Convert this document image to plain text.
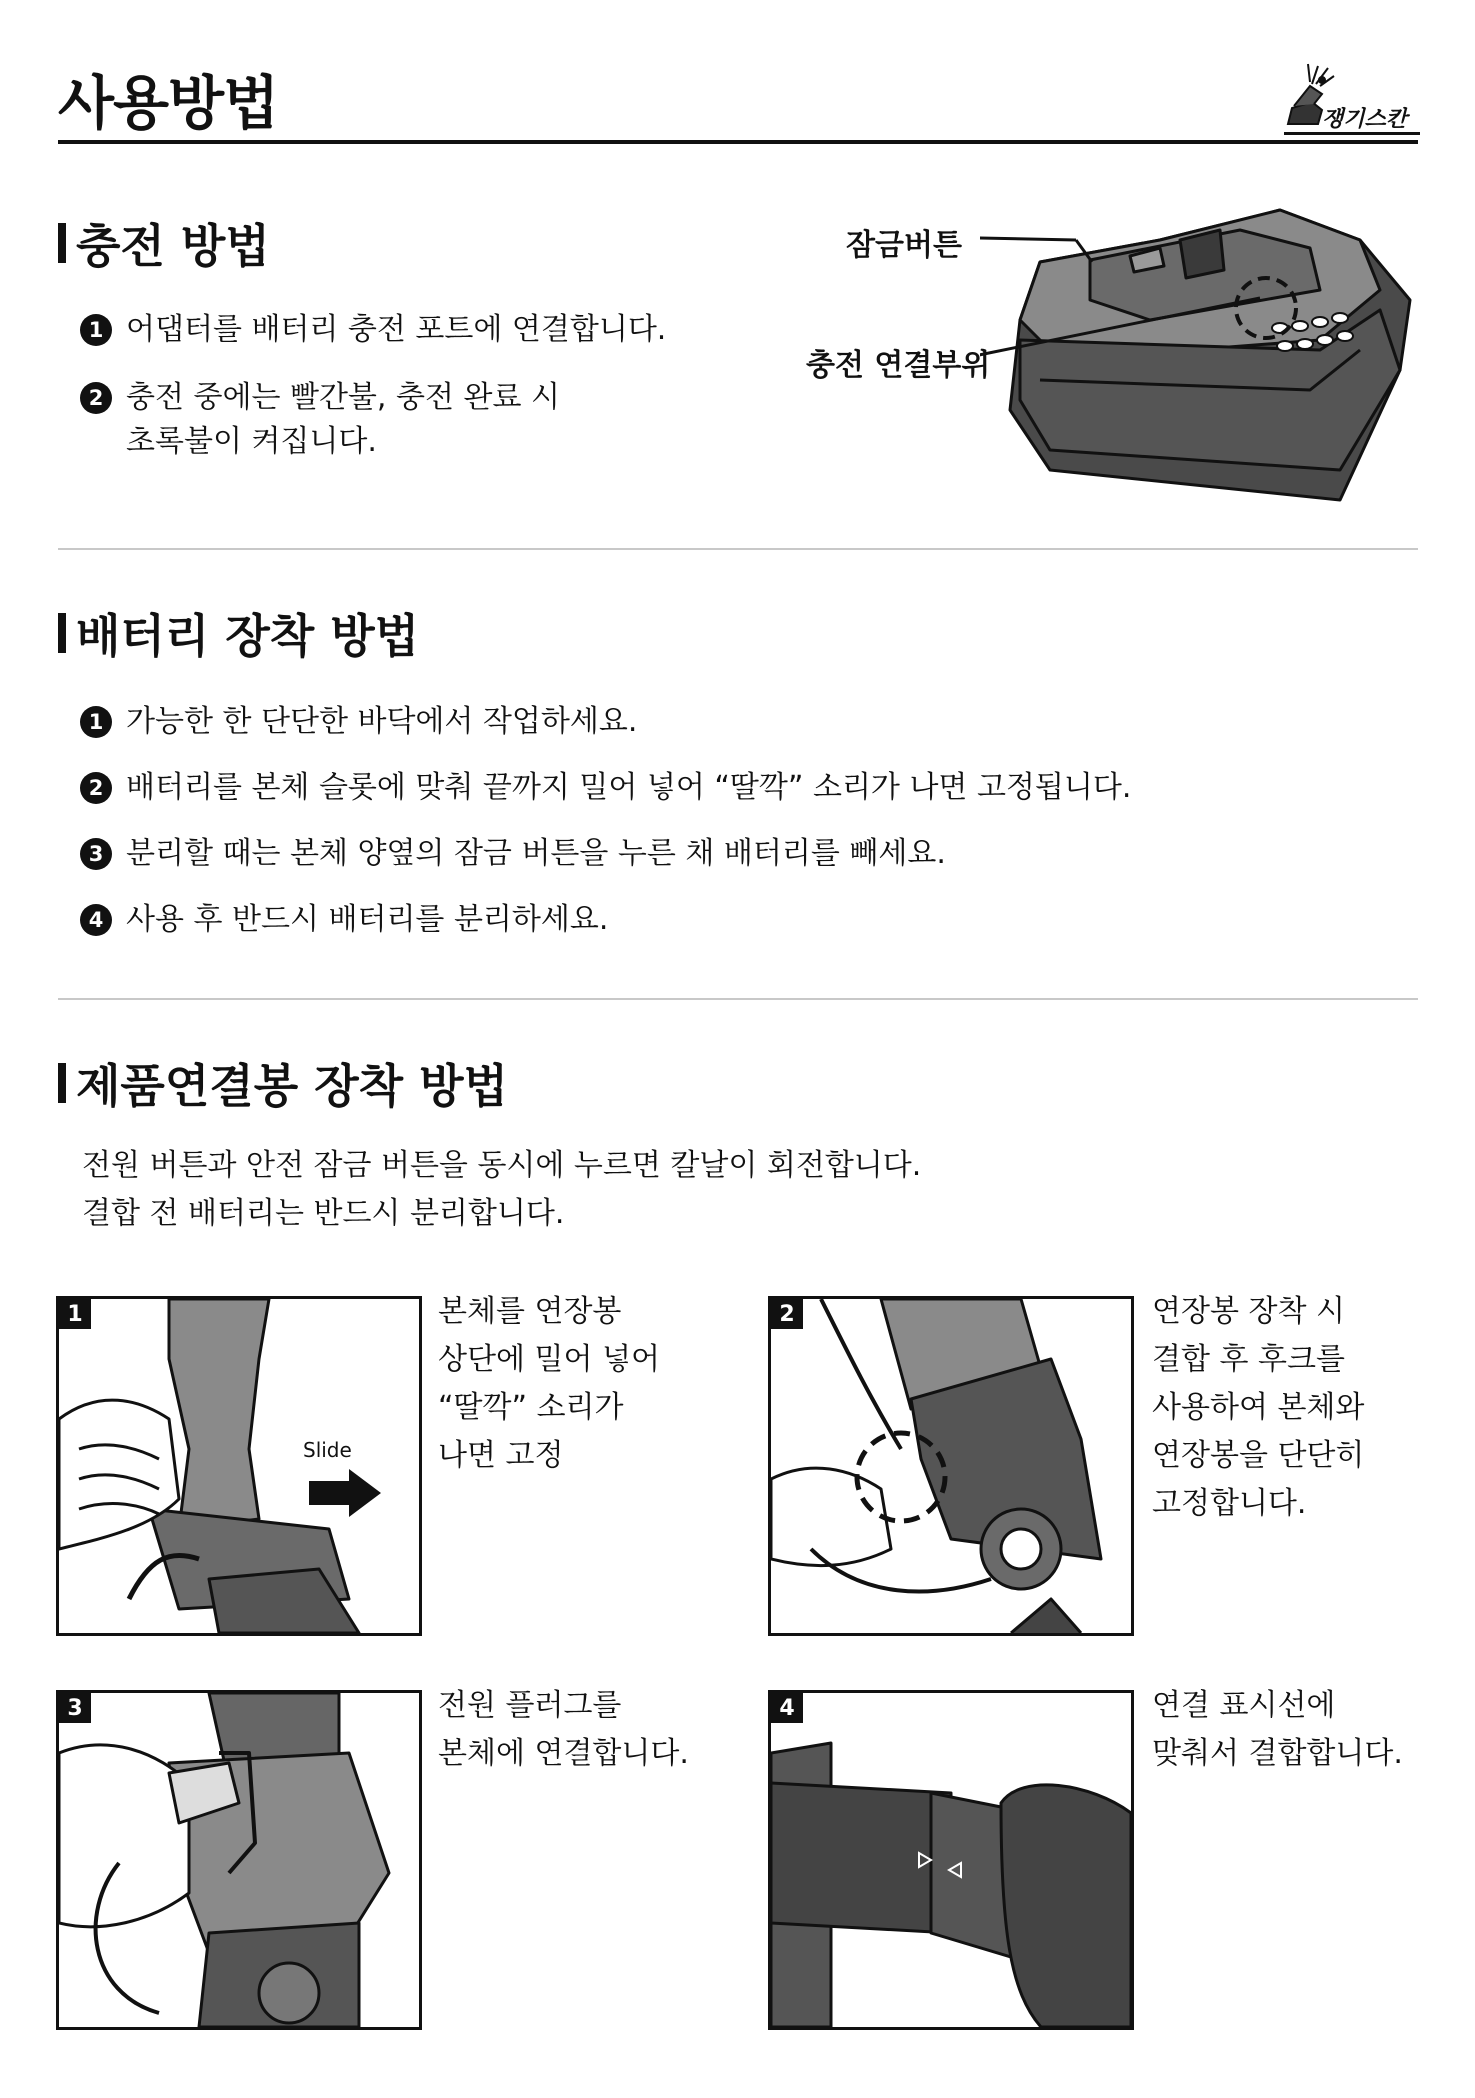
사용방법	쟁기스칸
충전 방법
1 어댑터를 배터리 충전 포트에 연결합니다.
2 충전 중에는 빨간불, 충전 완료 시
초록불이 켜집니다.
잠금버튼
충전 연결부위
배터리 장착 방법
1 가능한 한 단단한 바닥에서 작업하세요.
2 배터리를 본체 슬롯에 맞춰 끝까지 밀어 넣어 “딸깍” 소리가 나면 고정됩니다.
3 분리할 때는 본체 양옆의 잠금 버튼을 누른 채 배터리를 빼세요.
4 사용 후 반드시 배터리를 분리하세요.
제품연결봉 장착 방법
전원 버튼과 안전 잠금 버튼을 동시에 누르면 칼날이 회전합니다.
결합 전 배터리는 반드시 분리합니다.
Slide
1	본체를 연장봉
상단에 밀어 넣어
“딸깍” 소리가
나면 고정
2	연장봉 장착 시
결합 후 후크를
사용하여 본체와
연장봉을 단단히
고정합니다.
3	전원 플러그를
본체에 연결합니다.
4	연결 표시선에
맞춰서 결합합니다.
